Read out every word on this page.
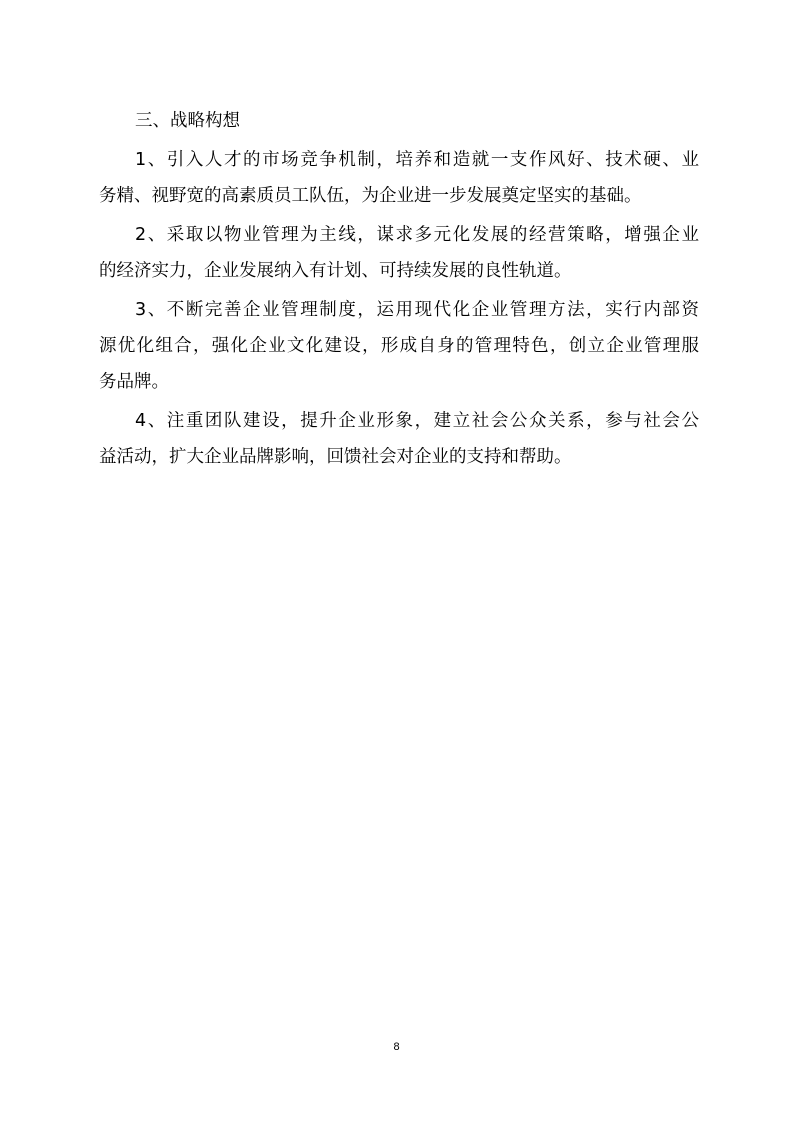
三、战略构想
1、引入人才的市场竞争机制，培养和造就一支作风好、技术硬、业
务精、视野宽的高素质员工队伍，为企业进一步发展奠定坚实的基础。
2、采取以物业管理为主线，谋求多元化发展的经营策略，增强企业
的经济实力，企业发展纳入有计划、可持续发展的良性轨道。
3、不断完善企业管理制度，运用现代化企业管理方法，实行内部资
源优化组合，强化企业文化建设，形成自身的管理特色，创立企业管理服
务品牌。
4、注重团队建设，提升企业形象，建立社会公众关系，参与社会公
益活动，扩大企业品牌影响，回馈社会对企业的支持和帮助。
8
